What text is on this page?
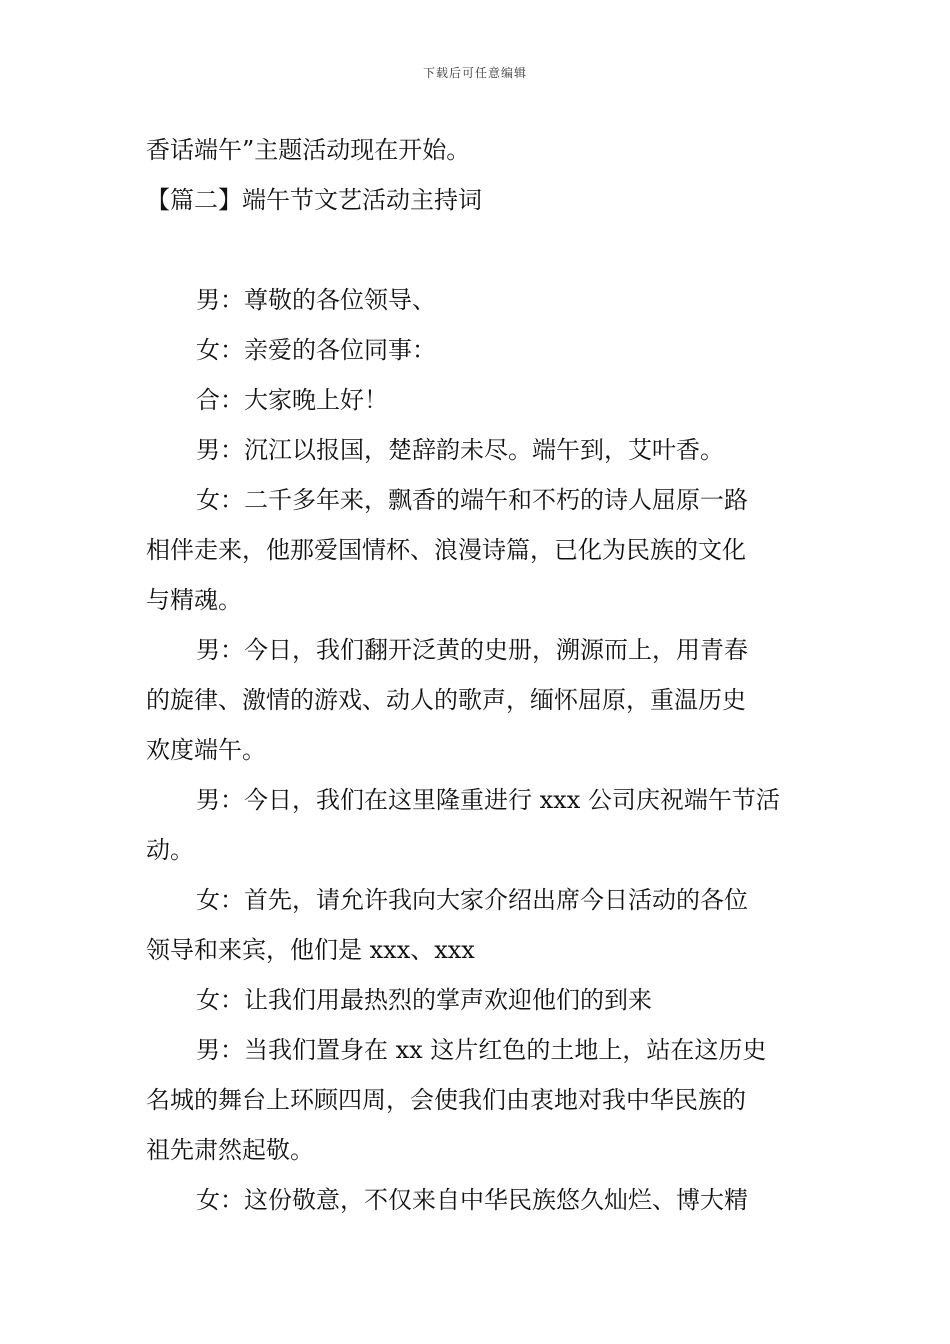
下载后可任意编辑
香话端午”主题活动现在开始。
【篇二】端午节文艺活动主持词
男：尊敬的各位领导、
女：亲爱的各位同事：
合：大家晚上好！
男：沉江以报国，楚辞韵未尽。端午到，艾叶香。
女：二千多年来，飘香的端午和不朽的诗人屈原一路
相伴走来，他那爱国情杯、浪漫诗篇，已化为民族的文化
与精魂。
男：今日，我们翻开泛黄的史册，溯源而上，用青春
的旋律、激情的游戏、动人的歌声，缅怀屈原，重温历史
欢度端午。
男：今日，我们在这里隆重进行 xxx 公司庆祝端午节活
动。
女：首先，请允许我向大家介绍出席今日活动的各位
领导和来宾，他们是 xxx、xxx
女：让我们用最热烈的掌声欢迎他们的到来
男：当我们置身在 xx 这片红色的土地上，站在这历史
名城的舞台上环顾四周，会使我们由衷地对我中华民族的
祖先肃然起敬。
女：这份敬意，不仅来自中华民族悠久灿烂、博大精
